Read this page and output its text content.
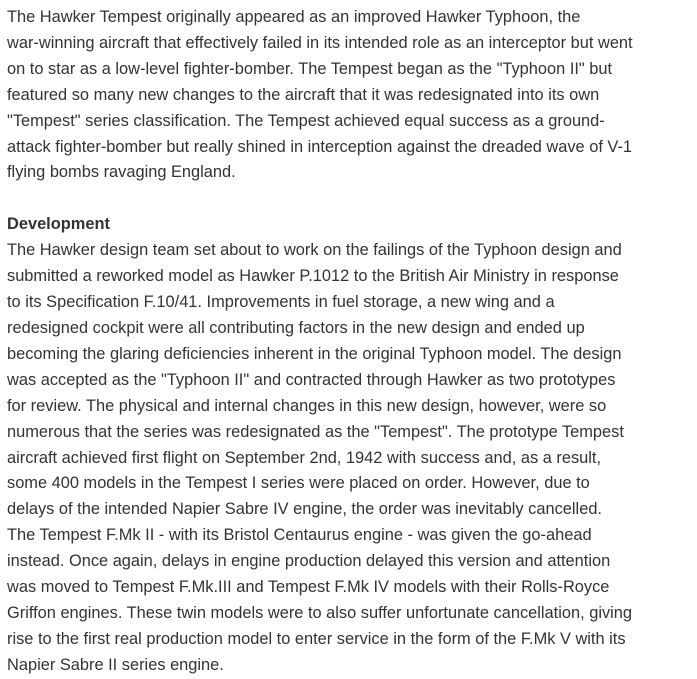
The Hawker Tempest originally appeared as an improved Hawker Typhoon, the
war-winning aircraft that effectively failed in its intended role as an interceptor but went
on to star as a low-level fighter-bomber. The Tempest began as the "Typhoon II" but
featured so many new changes to the aircraft that it was redesignated into its own
"Tempest" series classification. The Tempest achieved equal success as a ground-
attack fighter-bomber but really shined in interception against the dreaded wave of V-1
flying bombs ravaging England.

Development

The Hawker design team set about to work on the failings of the Typhoon design and
submitted a reworked model as Hawker P.1012 to the British Air Ministry in response
to its Specification F.10/41. Improvements in fuel storage, a new wing and a
redesigned cockpit were all contributing factors in the new design and ended up
becoming the glaring deficiencies inherent in the original Typhoon model. The design
was accepted as the "Typhoon II" and contracted through Hawker as two prototypes
for review. The physical and internal changes in this new design, however, were so
numerous that the series was redesignated as the "Tempest". The prototype Tempest
aircraft achieved first flight on September 2nd, 1942 with success and, as a result,
some 400 models in the Tempest I series were placed on order. However, due to
delays of the intended Napier Sabre IV engine, the order was inevitably cancelled.
The Tempest F.Mk II - with its Bristol Centaurus engine - was given the go-ahead
instead. Once again, delays in engine production delayed this version and attention
was moved to Tempest F.Mk.III and Tempest F.Mk IV models with their Rolls-Royce
Griffon engines. These twin models were to also suffer unfortunate cancellation, giving
rise to the first real production model to enter service in the form of the F.Mk V with its
Napier Sabre II series engine.
